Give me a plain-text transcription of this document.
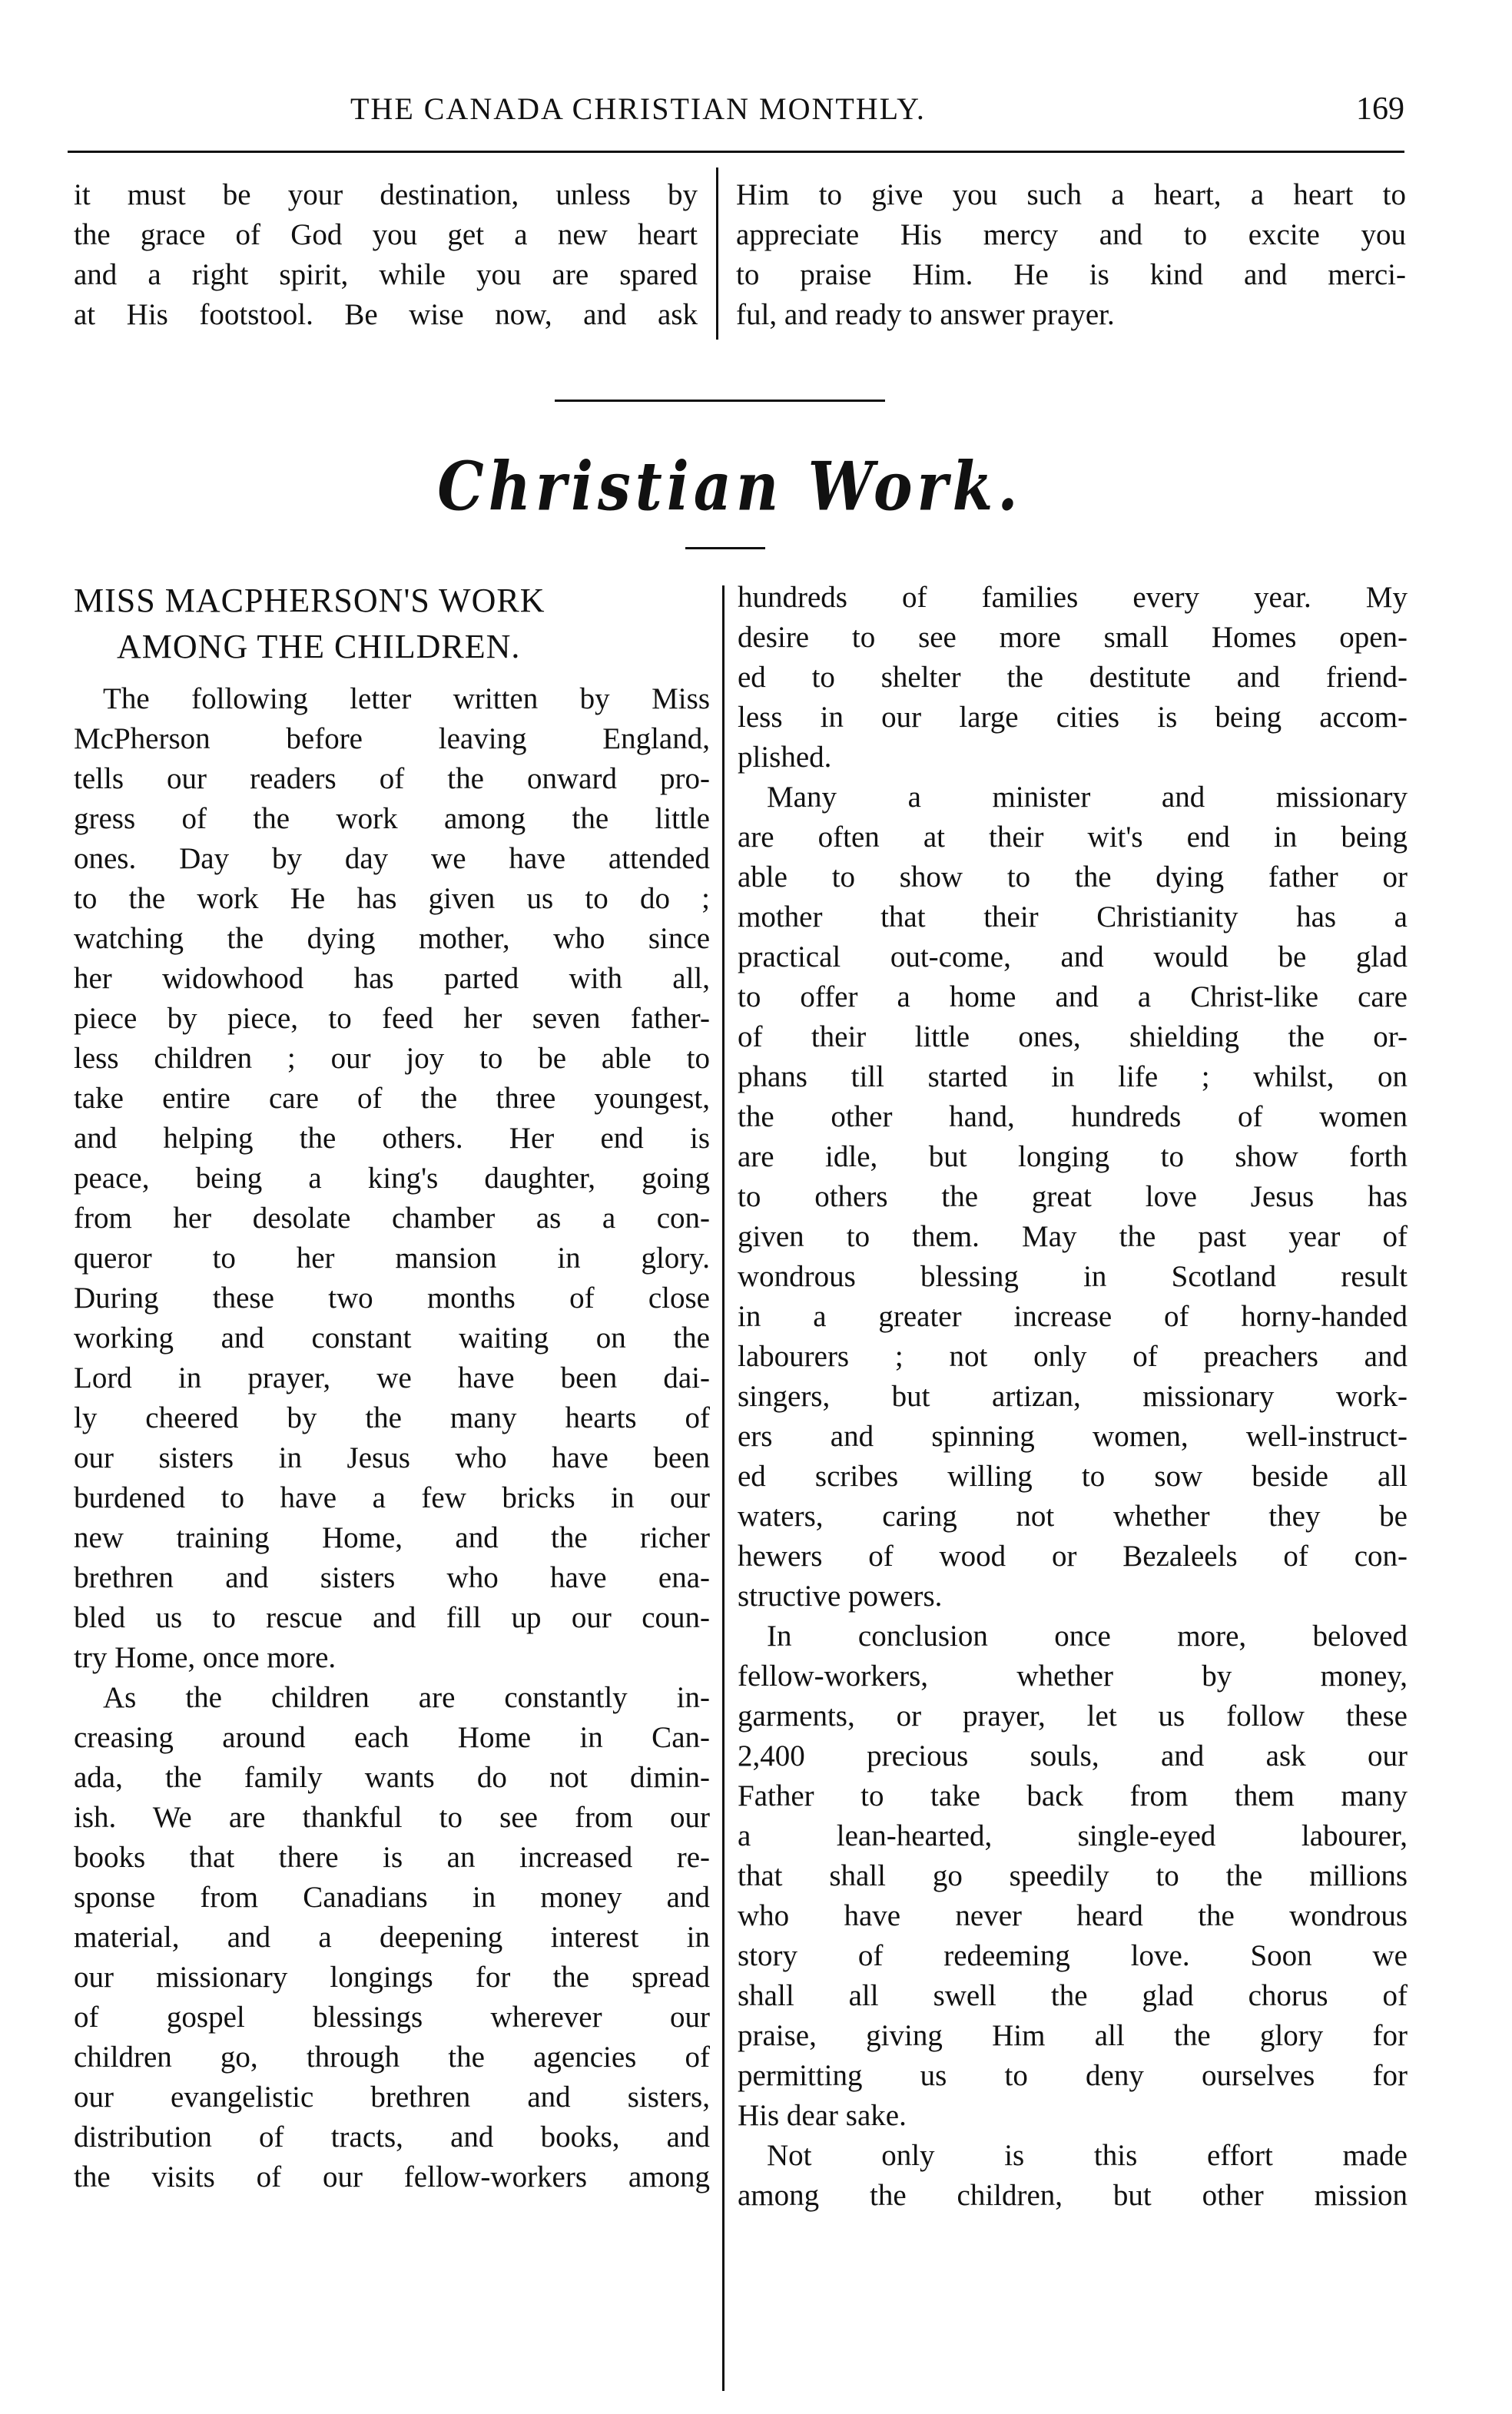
THE CANADA CHRISTIAN MONTHLY.	169
it must be your destination, unless by
the grace of God you get a new heart
and a right spirit, while you are spared
at His footstool. Be wise now, and ask
Him to give you such a heart, a heart to
appreciate His mercy and to excite you
to praise Him. He is kind and merci-
ful, and ready to answer prayer.
Christian Work.
MISS MACPHERSON'S WORK
AMONG THE CHILDREN.
The following letter written by Miss
McPherson before leaving England,
tells our readers of the onward pro-
gress of the work among the little
ones. Day by day we have attended
to the work He has given us to do ;
watching the dying mother, who since
her widowhood has parted with all,
piece by piece, to feed her seven father-
less children ; our joy to be able to
take entire care of the three youngest,
and helping the others. Her end is
peace, being a king's daughter, going
from her desolate chamber as a con-
queror to her mansion in glory.
During these two months of close
working and constant waiting on the
Lord in prayer, we have been dai-
ly cheered by the many hearts of
our sisters in Jesus who have been
burdened to have a few bricks in our
new training Home, and the richer
brethren and sisters who have ena-
bled us to rescue and fill up our coun-
try Home, once more.
As the children are constantly in-
creasing around each Home in Can-
ada, the family wants do not dimin-
ish. We are thankful to see from our
books that there is an increased re-
sponse from Canadians in money and
material, and a deepening interest in
our missionary longings for the spread
of gospel blessings wherever our
children go, through the agencies of
our evangelistic brethren and sisters,
distribution of tracts, and books, and
the visits of our fellow-workers among
hundreds of families every year. My
desire to see more small Homes open-
ed to shelter the destitute and friend-
less in our large cities is being accom-
plished.
Many a minister and missionary
are often at their wit's end in being
able to show to the dying father or
mother that their Christianity has a
practical out-come, and would be glad
to offer a home and a Christ-like care
of their little ones, shielding the or-
phans till started in life ; whilst, on
the other hand, hundreds of women
are idle, but longing to show forth
to others the great love Jesus has
given to them. May the past year of
wondrous blessing in Scotland result
in a greater increase of horny-handed
labourers ; not only of preachers and
singers, but artizan, missionary work-
ers and spinning women, well-instruct-
ed scribes willing to sow beside all
waters, caring not whether they be
hewers of wood or Bezaleels of con-
structive powers.
In conclusion once more, beloved
fellow-workers, whether by money,
garments, or prayer, let us follow these
2,400 precious souls, and ask our
Father to take back from them many
a lean-hearted, single-eyed labourer,
that shall go speedily to the millions
who have never heard the wondrous
story of redeeming love. Soon we
shall all swell the glad chorus of
praise, giving Him all the glory for
permitting us to deny ourselves for
His dear sake.
Not only is this effort made
among the children, but other mission
